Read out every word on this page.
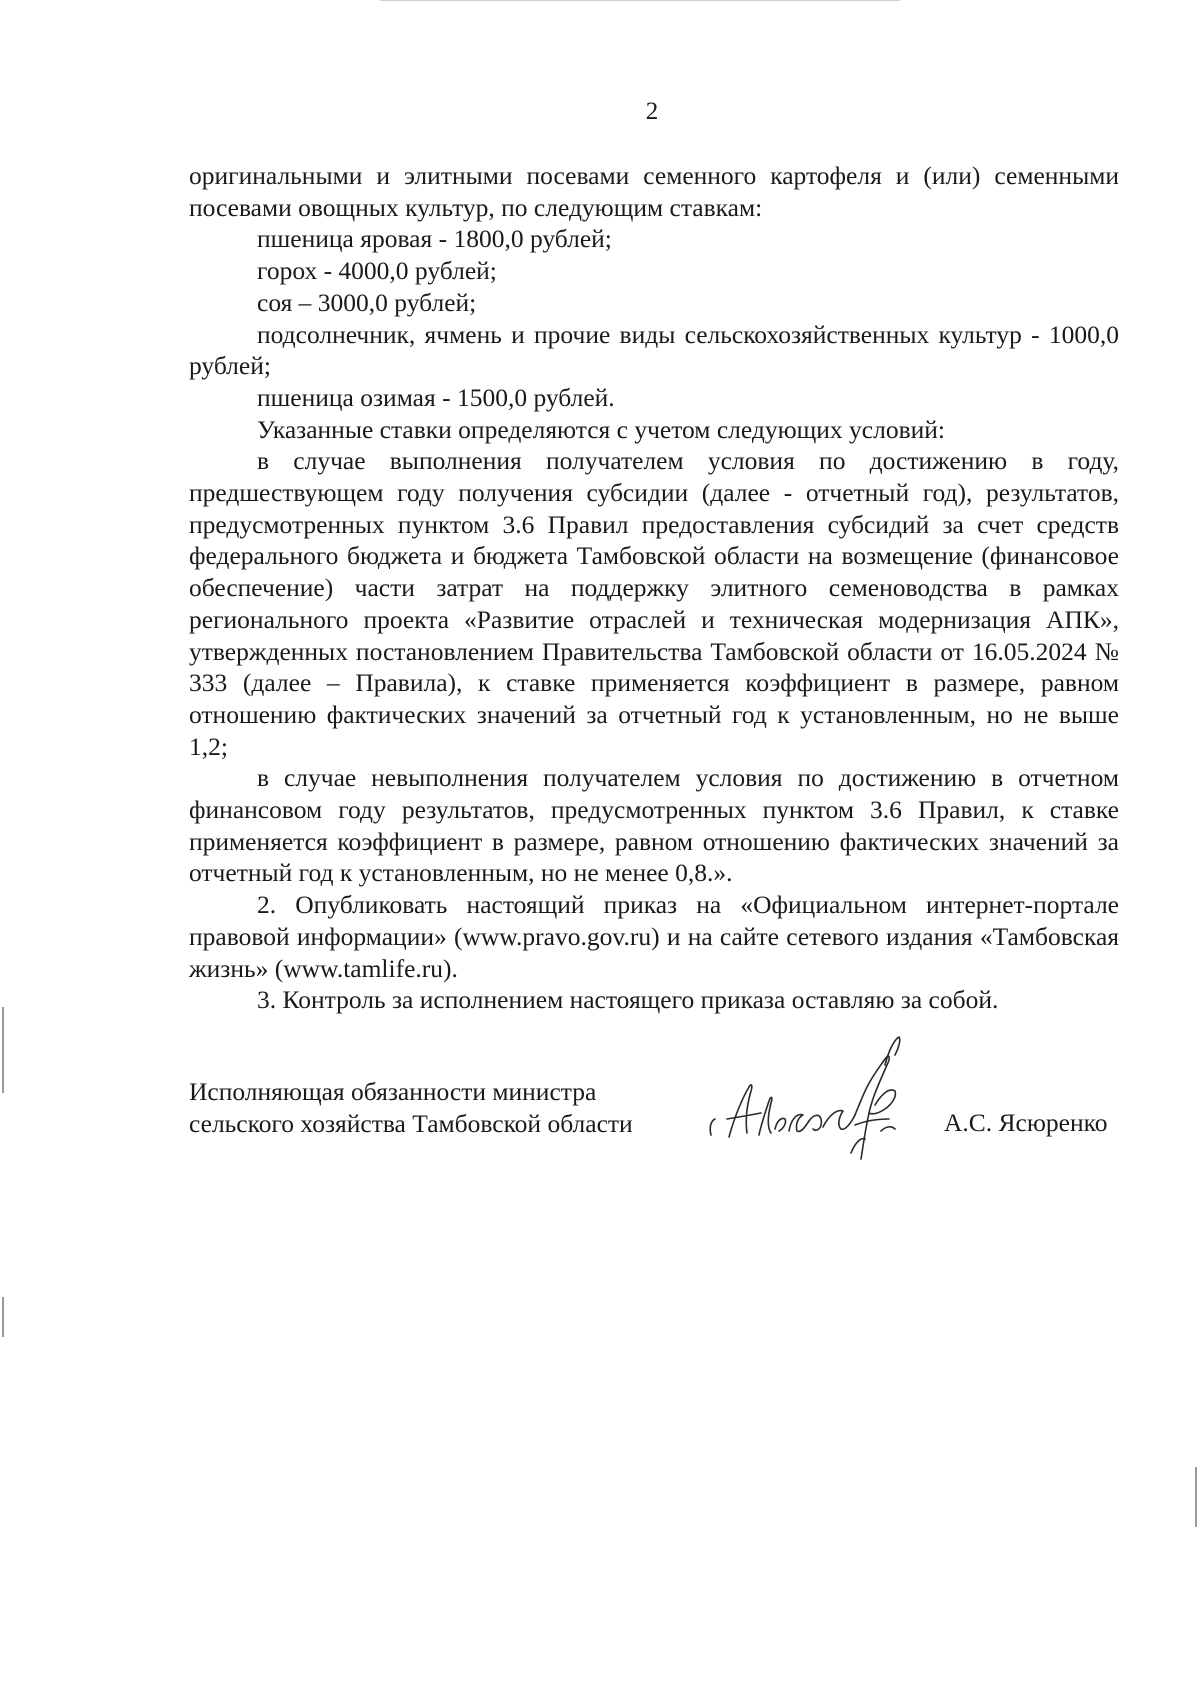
2

оригинальными и элитными посевами семенного картофеля и (или) семенными посевами овощных культур, по следующим ставкам:

пшеница яровая - 1800,0 рублей;

горох - 4000,0 рублей;

соя – 3000,0 рублей;

подсолнечник, ячмень и прочие виды сельскохозяйственных культур - 1000,0 рублей;

пшеница озимая - 1500,0 рублей.

Указанные ставки определяются с учетом следующих условий:

в случае выполнения получателем условия по достижению в году, предшествующем году получения субсидии (далее - отчетный год), результатов, предусмотренных пунктом 3.6 Правил предоставления субсидий за счет средств федерального бюджета и бюджета Тамбовской области на возмещение (финансовое обеспечение) части затрат на поддержку элитного семеноводства в рамках регионального проекта «Развитие отраслей и техническая модернизация АПК», утвержденных постановлением Правительства Тамбовской области от 16.05.2024 № 333 (далее – Правила), к ставке применяется коэффициент в размере, равном отношению фактических значений за отчетный год к установленным, но не выше 1,2;

в случае невыполнения получателем условия по достижению в отчетном финансовом году результатов, предусмотренных пунктом 3.6 Правил, к ставке применяется коэффициент в размере, равном отношению фактических значений за отчетный год к установленным, но не менее 0,8.».

2. Опубликовать настоящий приказ на «Официальном интернет-портале правовой информации» (www.pravo.gov.ru) и на сайте сетевого издания «Тамбовская жизнь» (www.tamlife.ru).

3. Контроль за исполнением настоящего приказа оставляю за собой.

Исполняющая обязанности министра

сельского хозяйства Тамбовской области	А.С. Ясюренко
